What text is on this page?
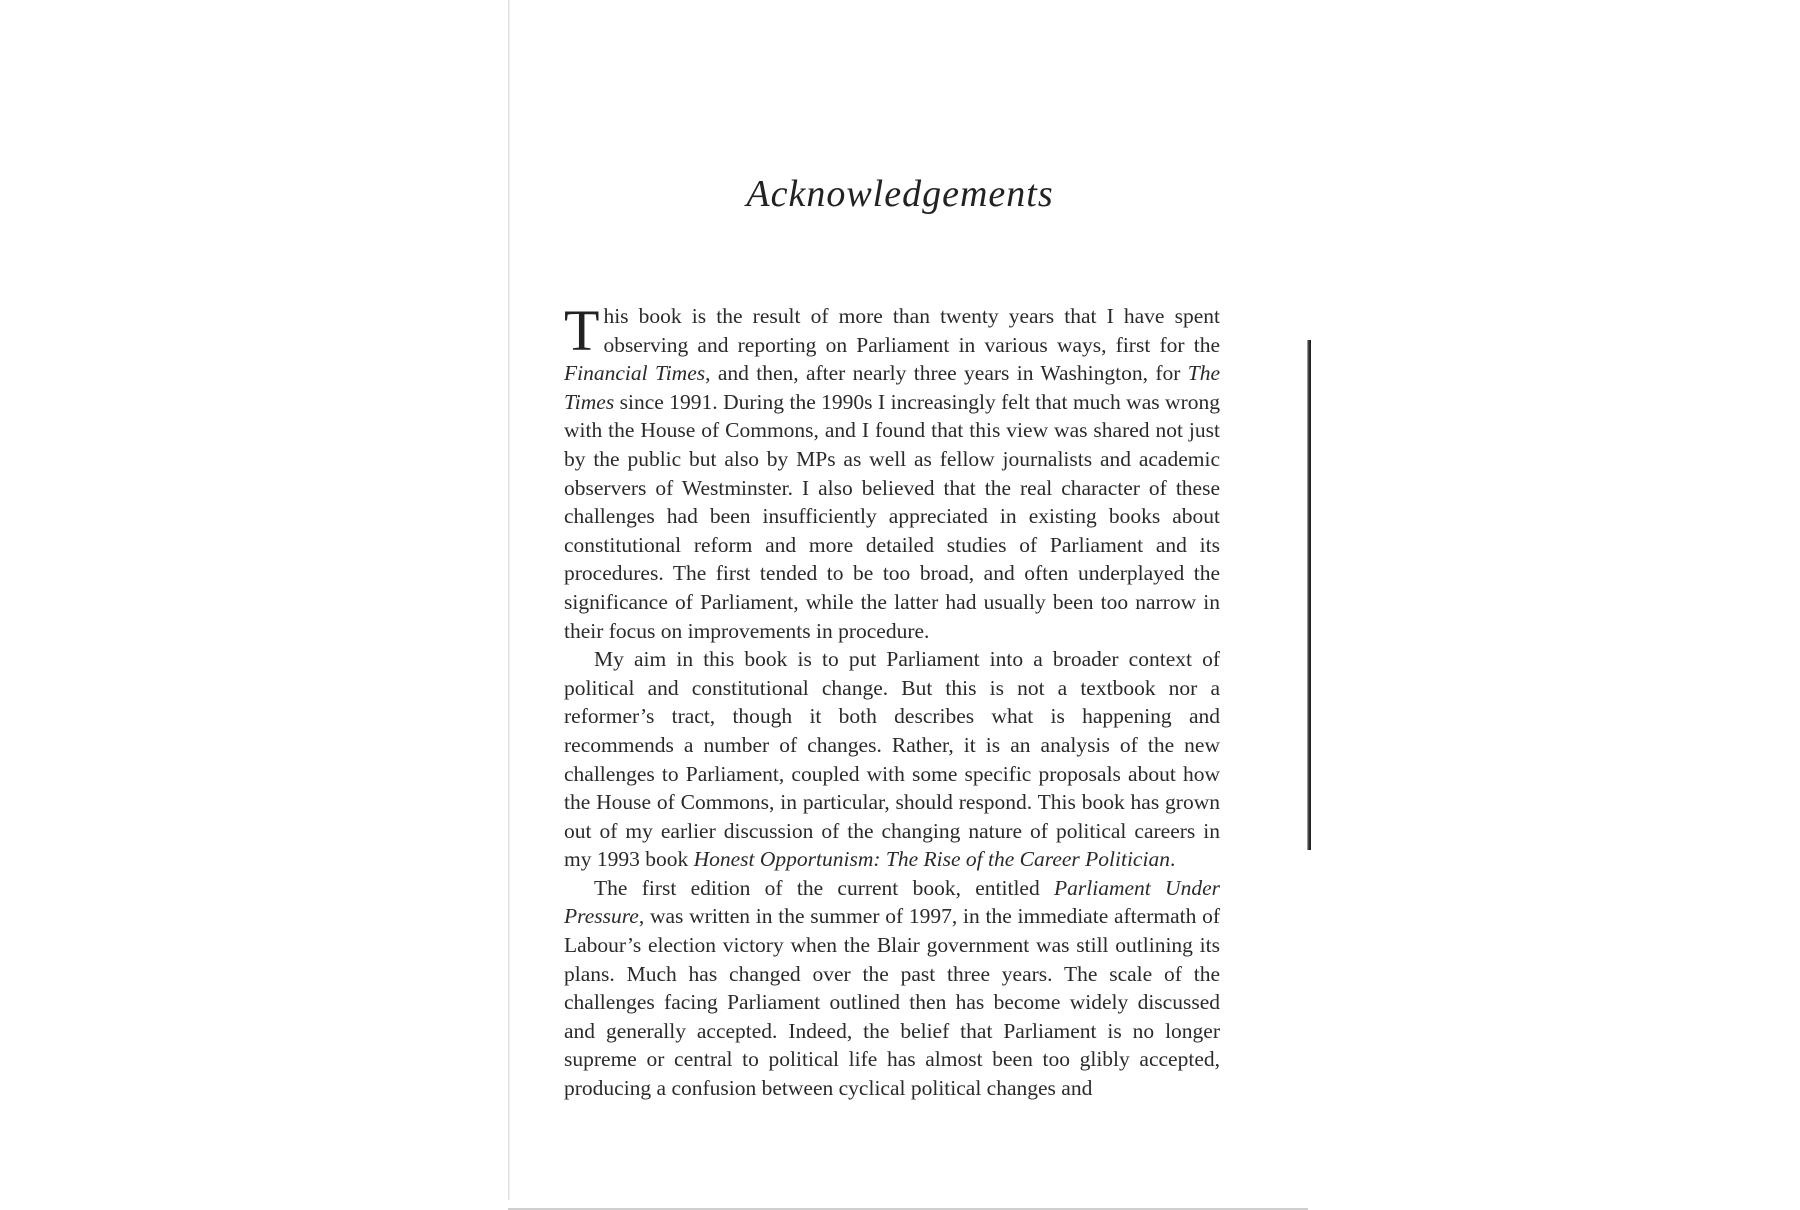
Acknowledgements

T his book is the result of more than twenty years that I have spent observing and reporting on Parliament in various ways, first for the Financial Times, and then, after nearly three years in Washington, for The Times since 1991. During the 1990s I increasingly felt that much was wrong with the House of Commons, and I found that this view was shared not just by the public but also by MPs as well as fellow journalists and academic observers of Westminster. I also believed that the real character of these challenges had been insufficiently appreciated in existing books about constitutional reform and more detailed studies of Parliament and its procedures. The first tended to be too broad, and often underplayed the significance of Parliament, while the latter had usually been too narrow in their focus on improvements in procedure.

My aim in this book is to put Parliament into a broader context of political and constitutional change. But this is not a textbook nor a reformer’s tract, though it both describes what is happening and recommends a number of changes. Rather, it is an analysis of the new challenges to Parliament, coupled with some specific proposals about how the House of Commons, in particular, should respond. This book has grown out of my earlier discussion of the changing nature of political careers in my 1993 book Honest Opportunism: The Rise of the Career Politician.

The first edition of the current book, entitled Parliament Under Pressure, was written in the summer of 1997, in the immediate aftermath of Labour’s election victory when the Blair government was still outlining its plans. Much has changed over the past three years. The scale of the challenges facing Parliament outlined then has become widely discussed and generally accepted. Indeed, the belief that Parliament is no longer supreme or central to political life has almost been too glibly accepted, producing a confusion between cyclical political changes and
